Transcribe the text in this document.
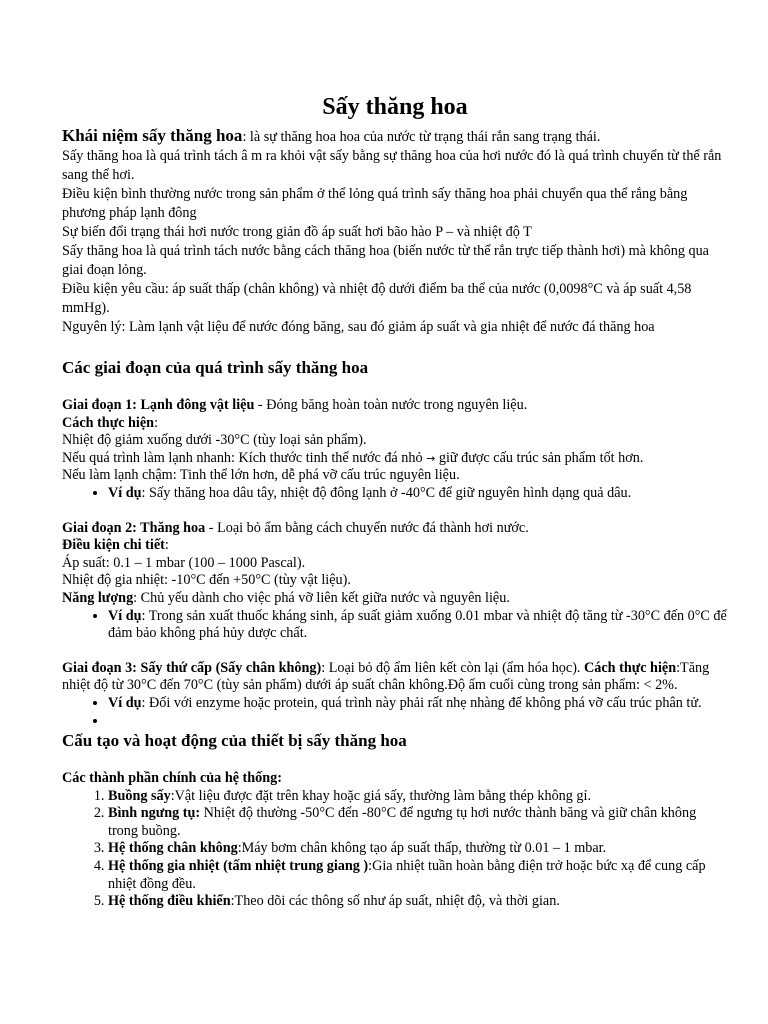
Sấy thăng hoa

Khái niệm sấy thăng hoa: là sự thăng hoa hoa của nước từ trạng thái rắn sang trạng thái.

Sấy thăng hoa là quá trình tách â m ra khỏi vật sấy bằng sự thăng hoa của hơi nước đó là quá trình chuyển từ thể rắn sang thể hơi.

Điều kiện bình thường nước trong sản phẩm ở thể lỏng quá trình sấy thăng hoa phải chuyển qua thể rắng bằng phương pháp lạnh đông

Sự biến đổi trạng thái hơi nước trong giản đồ áp suất hơi bão hào P – và nhiệt độ T

Sấy thăng hoa là quá trình tách nước bằng cách thăng hoa (biến nước từ thể rắn trực tiếp thành hơi) mà không qua giai đoạn lỏng.

Điều kiện yêu cầu: áp suất thấp (chân không) và nhiệt độ dưới điểm ba thể của nước (0,0098°C và áp suất 4,58 mmHg).

Nguyên lý: Làm lạnh vật liệu để nước đóng băng, sau đó giảm áp suất và gia nhiệt để nước đá thăng hoa

Các giai đoạn của quá trình sấy thăng hoa

Giai đoạn 1: Lạnh đông vật liệu - Đóng băng hoàn toàn nước trong nguyên liệu.

Cách thực hiện:

Nhiệt độ giảm xuống dưới -30°C (tùy loại sản phẩm).

Nếu quá trình làm lạnh nhanh: Kích thước tinh thể nước đá nhỏ → giữ được cấu trúc sản phẩm tốt hơn.

Nếu làm lạnh chậm: Tinh thể lớn hơn, dễ phá vỡ cấu trúc nguyên liệu.

• Ví dụ: Sấy thăng hoa dâu tây, nhiệt độ đông lạnh ở -40°C để giữ nguyên hình dạng quả dâu.

Giai đoạn 2: Thăng hoa - Loại bỏ ẩm bằng cách chuyển nước đá thành hơi nước.

Điều kiện chi tiết:

Áp suất: 0.1 – 1 mbar (100 – 1000 Pascal).

Nhiệt độ gia nhiệt: -10°C đến +50°C (tùy vật liệu).

Năng lượng: Chủ yếu dành cho việc phá vỡ liên kết giữa nước và nguyên liệu.

• Ví dụ: Trong sản xuất thuốc kháng sinh, áp suất giảm xuống 0.01 mbar và nhiệt độ tăng từ -30°C đến 0°C để đảm bảo không phá hủy dược chất.

Giai đoạn 3: Sấy thứ cấp (Sấy chân không): Loại bỏ độ ẩm liên kết còn lại (ẩm hóa học). Cách thực hiện:Tăng nhiệt độ từ 30°C đến 70°C (tùy sản phẩm) dưới áp suất chân không.Độ ẩm cuối cùng trong sản phẩm: < 2%.

• Ví dụ: Đối với enzyme hoặc protein, quá trình này phải rất nhẹ nhàng để không phá vỡ cấu trúc phân tử.
•
Cấu tạo và hoạt động của thiết bị sấy thăng hoa

Các thành phần chính của hệ thống:

1. Buồng sấy:Vật liệu được đặt trên khay hoặc giá sấy, thường làm bằng thép không gỉ.
2. Bình ngưng tụ: Nhiệt độ thường -50°C đến -80°C để ngưng tụ hơi nước thành băng và giữ chân không trong buồng.
3. Hệ thống chân không:Máy bơm chân không tạo áp suất thấp, thường từ 0.01 – 1 mbar.
4. Hệ thống gia nhiệt (tấm nhiệt trung giang ):Gia nhiệt tuần hoàn bằng điện trở hoặc bức xạ để cung cấp nhiệt đồng đều.
5. Hệ thống điều khiển:Theo dõi các thông số như áp suất, nhiệt độ, và thời gian.
